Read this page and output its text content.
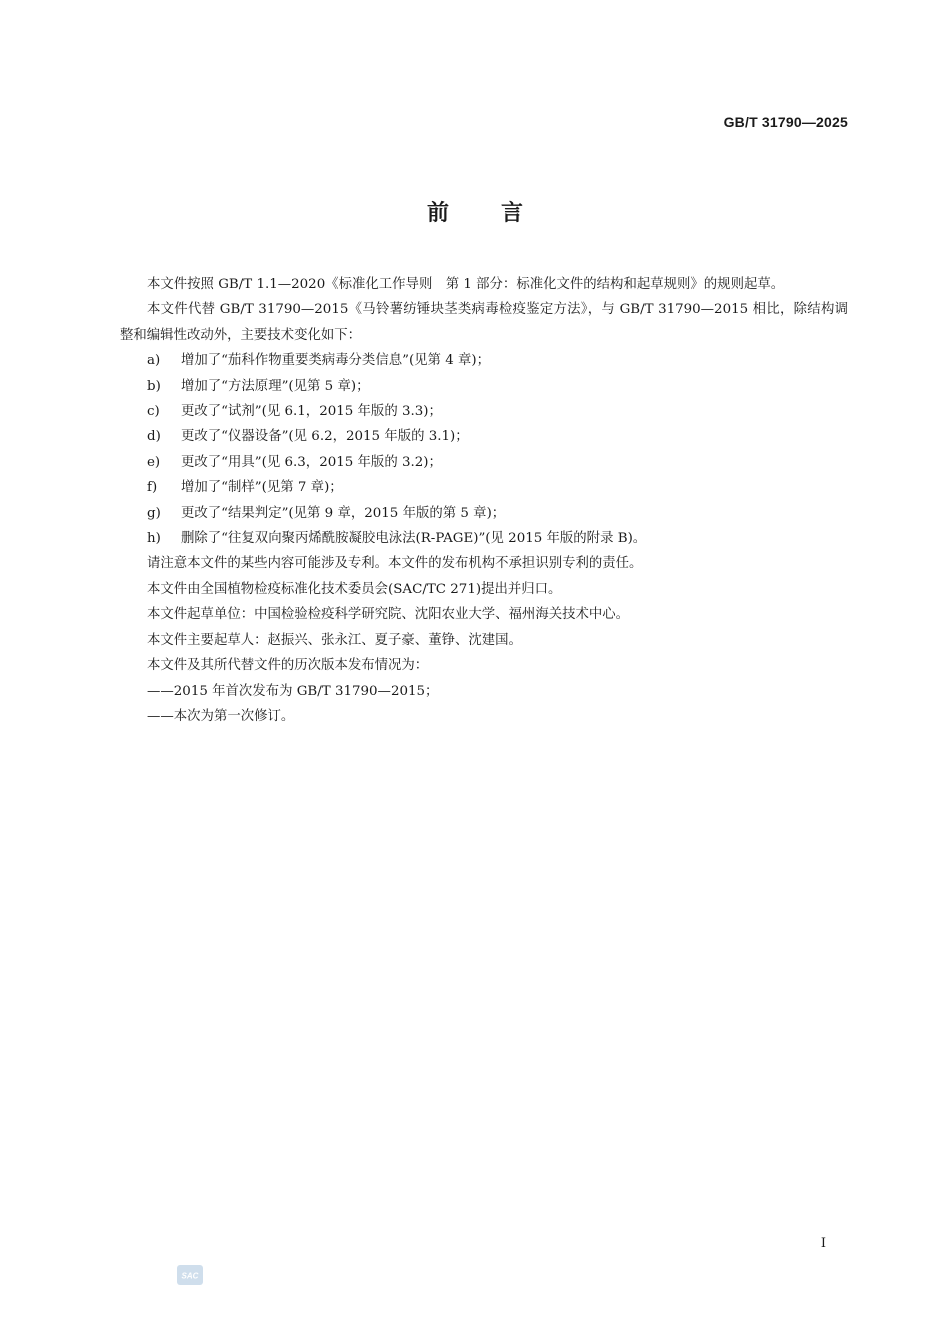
GB/T 31790—2025
前言

本文件按照 GB/T 1.1—2020《标准化工作导则　第 1 部分：标准化文件的结构和起草规则》的规则起草。

本文件代替 GB/T 31790—2015《马铃薯纺锤块茎类病毒检疫鉴定方法》，与 GB/T 31790—2015 相比，除结构调整和编辑性改动外，主要技术变化如下：

a) 增加了“茄科作物重要类病毒分类信息”(见第 4 章)；

b) 增加了“方法原理”(见第 5 章)；

c) 更改了“试剂”(见 6.1，2015 年版的 3.3)；

d) 更改了“仪器设备”(见 6.2，2015 年版的 3.1)；

e) 更改了“用具”(见 6.3，2015 年版的 3.2)；

f) 增加了“制样”(见第 7 章)；

g) 更改了“结果判定”(见第 9 章，2015 年版的第 5 章)；

h) 删除了“往复双向聚丙烯酰胺凝胶电泳法(R-PAGE)”(见 2015 年版的附录 B)。

请注意本文件的某些内容可能涉及专利。本文件的发布机构不承担识别专利的责任。

本文件由全国植物检疫标准化技术委员会(SAC/TC 271)提出并归口。

本文件起草单位：中国检验检疫科学研究院、沈阳农业大学、福州海关技术中心。

本文件主要起草人：赵振兴、张永江、夏子豪、董铮、沈建国。

本文件及其所代替文件的历次版本发布情况为：

——2015 年首次发布为 GB/T 31790—2015；

——本次为第一次修订。

I
SAC
